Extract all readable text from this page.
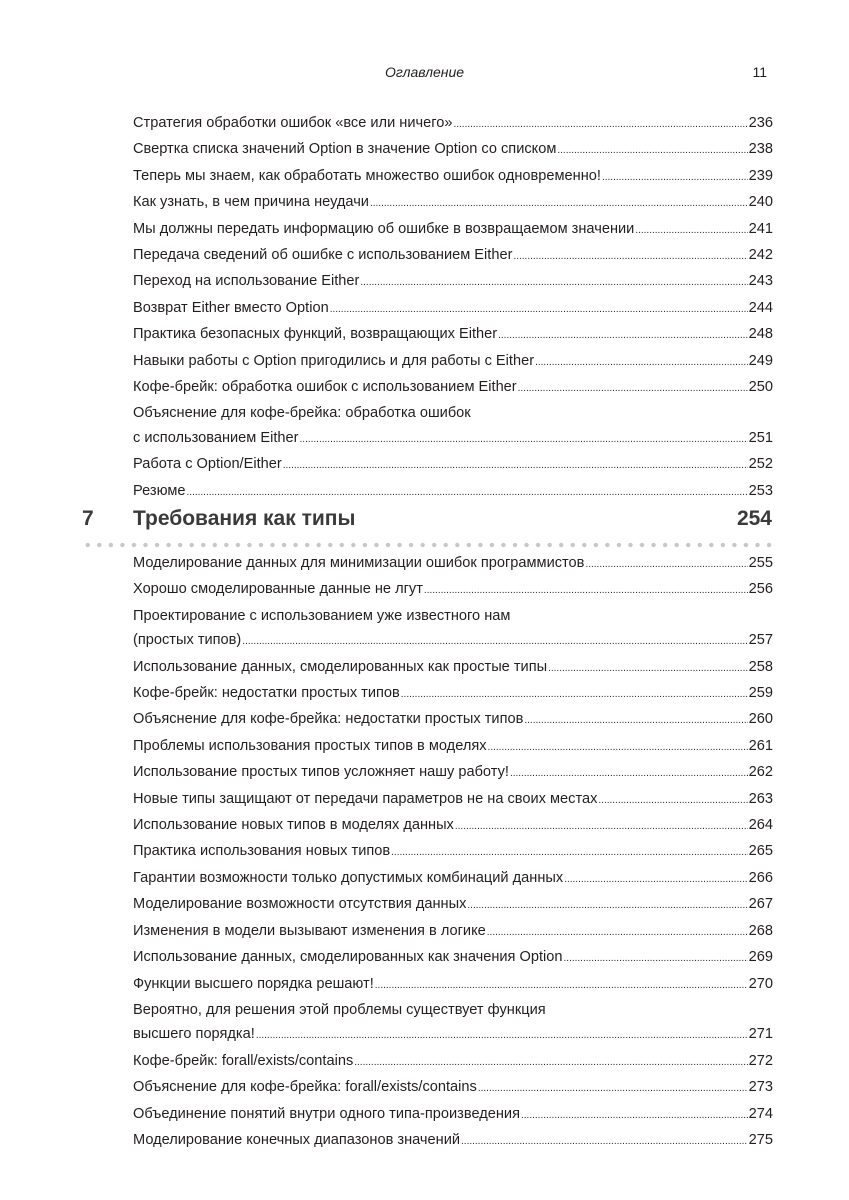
Оглавление	11
Стратегия обработки ошибок «все или ничего» .....	236
Свертка списка значений Option в значение Option со списком .....	238
Теперь мы знаем, как обработать множество ошибок одновременно! .....	239
Как узнать, в чем причина неудачи .....	240
Мы должны передать информацию об ошибке в возвращаемом значении .....	241
Передача сведений об ошибке с использованием Either .....	242
Переход на использование Either .....	243
Возврат Either вместо Option .....	244
Практика безопасных функций, возвращающих Either .....	248
Навыки работы с Option пригодились и для работы с Either .....	249
Кофе-брейк: обработка ошибок с использованием Either .....	250
Объяснение для кофе-брейка: обработка ошибок
с использованием Either .....	251
Работа с Option/Either .....	252
Резюме .....	253
7 Требования как типы	254
Моделирование данных для минимизации ошибок программистов .....	255
Хорошо смоделированные данные не лгут .....	256
Проектирование с использованием уже известного нам
(простых типов) .....	257
Использование данных, смоделированных как простые типы .....	258
Кофе-брейк: недостатки простых типов .....	259
Объяснение для кофе-брейка: недостатки простых типов .....	260
Проблемы использования простых типов в моделях .....	261
Использование простых типов усложняет нашу работу! .....	262
Новые типы защищают от передачи параметров не на своих местах .....	263
Использование новых типов в моделях данных .....	264
Практика использования новых типов .....	265
Гарантии возможности только допустимых комбинаций данных .....	266
Моделирование возможности отсутствия данных .....	267
Изменения в модели вызывают изменения в логике .....	268
Использование данных, смоделированных как значения Option .....	269
Функции высшего порядка решают! .....	270
Вероятно, для решения этой проблемы существует функция
высшего порядка! .....	271
Кофе-брейк: forall/exists/contains .....	272
Объяснение для кофе-брейка: forall/exists/contains .....	273
Объединение понятий внутри одного типа-произведения .....	274
Моделирование конечных диапазонов значений .....	275
